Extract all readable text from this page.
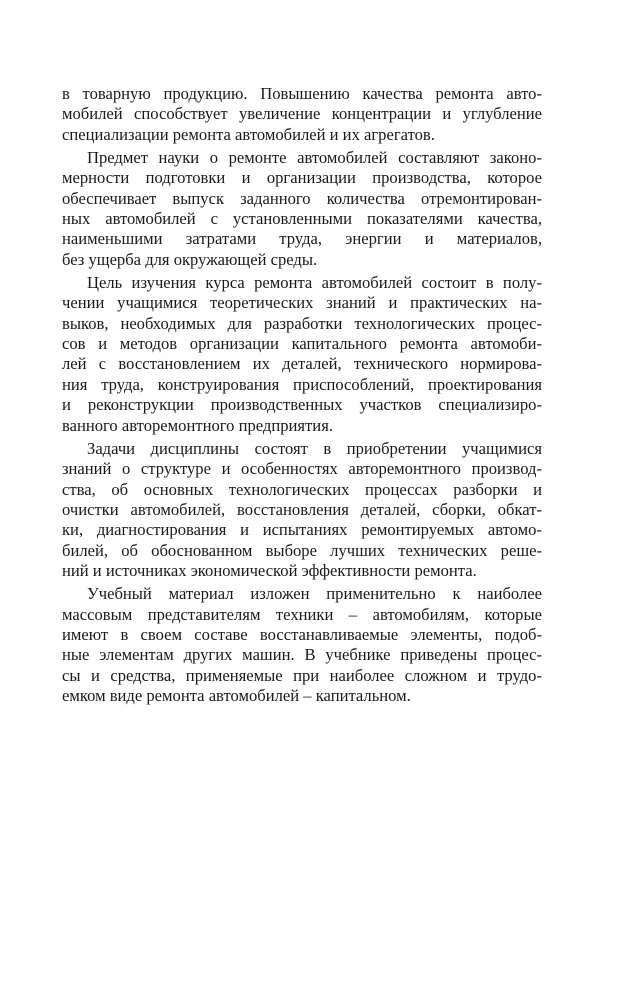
в товарную продукцию. Повышению качества ремонта авто-
мобилей способствует увеличение концентрации и углубление
специализации ремонта автомобилей и их агрегатов.
Предмет науки о ремонте автомобилей составляют законо-
мерности подготовки и организации производства, которое
обеспечивает выпуск заданного количества отремонтирован-
ных автомобилей с установленными показателями качества,
наименьшими затратами труда, энергии и материалов,
без ущерба для окружающей среды.
Цель изучения курса ремонта автомобилей состоит в полу-
чении учащимися теоретических знаний и практических на-
выков, необходимых для разработки технологических процес-
сов и методов организации капитального ремонта автомоби-
лей с восстановлением их деталей, технического нормирова-
ния труда, конструирования приспособлений, проектирования
и реконструкции производственных участков специализиро-
ванного авторемонтного предприятия.
Задачи дисциплины состоят в приобретении учащимися
знаний о структуре и особенностях авторемонтного производ-
ства, об основных технологических процессах разборки и
очистки автомобилей, восстановления деталей, сборки, обкат-
ки, диагностирования и испытаниях ремонтируемых автомо-
билей, об обоснованном выборе лучших технических реше-
ний и источниках экономической эффективности ремонта.
Учебный материал изложен применительно к наиболее
массовым представителям техники – автомобилям, которые
имеют в своем составе восстанавливаемые элементы, подоб-
ные элементам других машин. В учебнике приведены процес-
сы и средства, применяемые при наиболее сложном и трудо-
емком виде ремонта автомобилей – капитальном.
